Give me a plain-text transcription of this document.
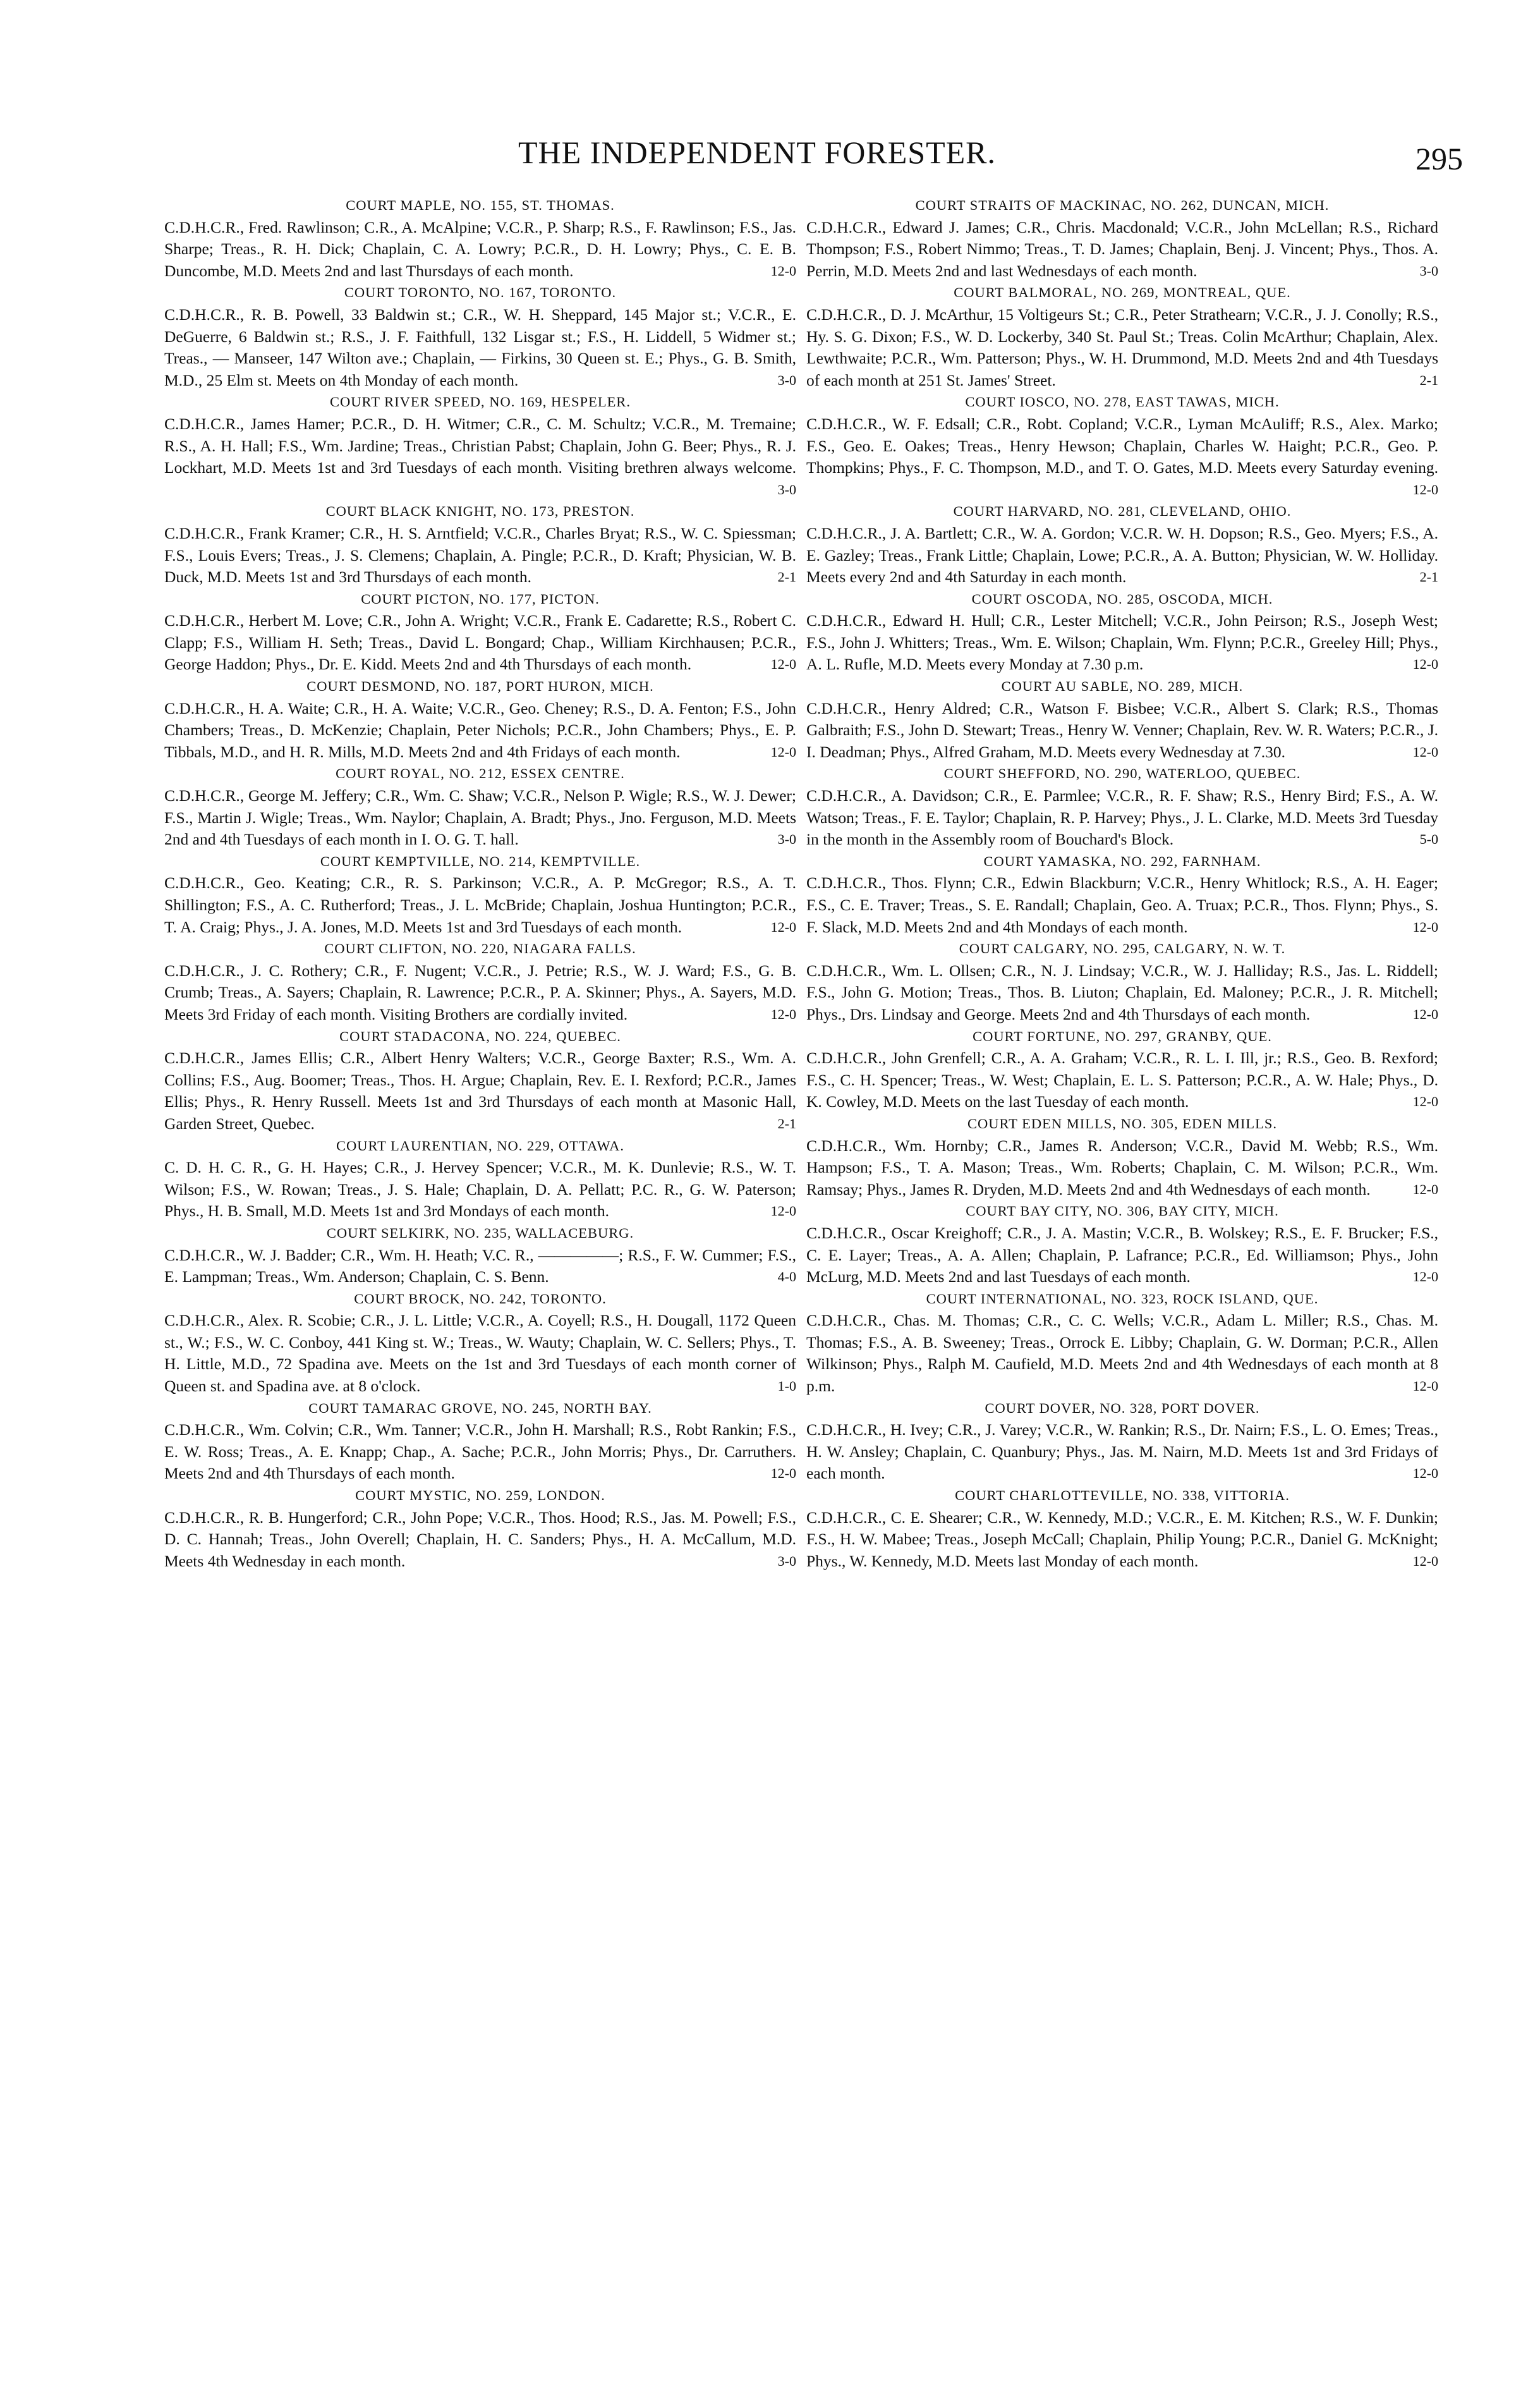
THE INDEPENDENT FORESTER.	295

COURT MAPLE, NO. 155, ST. THOMAS.
C.D.H.C.R., Fred. Rawlinson; C.R., A. McAlpine; V.C.R., P. Sharp; R.S., F. Rawlinson; F.S., Jas. Sharpe; Treas., R. H. Dick; Chaplain, C. A. Lowry; P.C.R., D. H. Lowry; Phys., C. E. B. Duncombe, M.D. Meets 2nd and last Thursdays of each month.	12-0

COURT TORONTO, NO. 167, TORONTO.
C.D.H.C.R., R. B. Powell, 33 Baldwin st.; C.R., W. H. Sheppard, 145 Major st.; V.C.R., E. DeGuerre, 6 Baldwin st.; R.S., J. F. Faithfull, 132 Lisgar st.; F.S., H. Liddell, 5 Widmer st.; Treas., — Manseer, 147 Wilton ave.; Chaplain, — Firkins, 30 Queen st. E.; Phys., G. B. Smith, M.D., 25 Elm st. Meets on 4th Monday of each month.	3-0

COURT RIVER SPEED, NO. 169, HESPELER.
C.D.H.C.R., James Hamer; P.C.R., D. H. Witmer; C.R., C. M. Schultz; V.C.R., M. Tremaine; R.S., A. H. Hall; F.S., Wm. Jardine; Treas., Christian Pabst; Chaplain, John G. Beer; Phys., R. J. Lockhart, M.D. Meets 1st and 3rd Tuesdays of each month. Visiting brethren always welcome.
3-0

COURT BLACK KNIGHT, NO. 173, PRESTON.
C.D.H.C.R., Frank Kramer; C.R., H. S. Arntfield; V.C.R., Charles Bryat; R.S., W. C. Spiessman; F.S., Louis Evers; Treas., J. S. Clemens; Chaplain, A. Pingle; P.C.R., D. Kraft; Physician, W. B. Duck, M.D. Meets 1st and 3rd Thursdays of each month.	2-1

COURT PICTON, NO. 177, PICTON.
C.D.H.C.R., Herbert M. Love; C.R., John A. Wright; V.C.R., Frank E. Cadarette; R.S., Robert C. Clapp; F.S., William H. Seth; Treas., David L. Bongard; Chap., William Kirchhausen; P.C.R., George Haddon; Phys., Dr. E. Kidd. Meets 2nd and 4th Thursdays of each month.	12-0

COURT DESMOND, NO. 187, PORT HURON, MICH.
C.D.H.C.R., H. A. Waite; C.R., H. A. Waite; V.C.R., Geo. Cheney; R.S., D. A. Fenton; F.S., John Chambers; Treas., D. McKenzie; Chaplain, Peter Nichols; P.C.R., John Chambers; Phys., E. P. Tibbals, M.D., and H. R. Mills, M.D. Meets 2nd and 4th Fridays of each month.	12-0

COURT ROYAL, NO. 212, ESSEX CENTRE.
C.D.H.C.R., George M. Jeffery; C.R., Wm. C. Shaw; V.C.R., Nelson P. Wigle; R.S., W. J. Dewer; F.S., Martin J. Wigle; Treas., Wm. Naylor; Chaplain, A. Bradt; Phys., Jno. Ferguson, M.D. Meets 2nd and 4th Tuesdays of each month in I. O. G. T. hall.	3-0

COURT KEMPTVILLE, NO. 214, KEMPTVILLE.
C.D.H.C.R., Geo. Keating; C.R., R. S. Parkinson; V.C.R., A. P. McGregor; R.S., A. T. Shillington; F.S., A. C. Rutherford; Treas., J. L. McBride; Chaplain, Joshua Huntington; P.C.R., T. A. Craig; Phys., J. A. Jones, M.D. Meets 1st and 3rd Tuesdays of each month.	12-0

COURT CLIFTON, NO. 220, NIAGARA FALLS.
C.D.H.C.R., J. C. Rothery; C.R., F. Nugent; V.C.R., J. Petrie; R.S., W. J. Ward; F.S., G. B. Crumb; Treas., A. Sayers; Chaplain, R. Lawrence; P.C.R., P. A. Skinner; Phys., A. Sayers, M.D. Meets 3rd Friday of each month. Visiting Brothers are cordially invited.	12-0

COURT STADACONA, NO. 224, QUEBEC.
C.D.H.C.R., James Ellis; C.R., Albert Henry Walters; V.C.R., George Baxter; R.S., Wm. A. Collins; F.S., Aug. Boomer; Treas., Thos. H. Argue; Chaplain, Rev. E. I. Rexford; P.C.R., James Ellis; Phys., R. Henry Russell. Meets 1st and 3rd Thursdays of each month at Masonic Hall, Garden Street, Quebec.	2-1

COURT LAURENTIAN, NO. 229, OTTAWA.
C. D. H. C. R., G. H. Hayes; C.R., J. Hervey Spencer; V.C.R., M. K. Dunlevie; R.S., W. T. Wilson; F.S., W. Rowan; Treas., J. S. Hale; Chaplain, D. A. Pellatt; P.C. R., G. W. Paterson; Phys., H. B. Small, M.D. Meets 1st and 3rd Mondays of each month.	12-0

COURT SELKIRK, NO. 235, WALLACEBURG.
C.D.H.C.R., W. J. Badder; C.R., Wm. H. Heath; V.C. R., —————; R.S., F. W. Cummer; F.S., E. Lampman; Treas., Wm. Anderson; Chaplain, C. S. Benn.	4-0

COURT BROCK, NO. 242, TORONTO.
C.D.H.C.R., Alex. R. Scobie; C.R., J. L. Little; V.C.R., A. Coyell; R.S., H. Dougall, 1172 Queen st., W.; F.S., W. C. Conboy, 441 King st. W.; Treas., W. Wauty; Chaplain, W. C. Sellers; Phys., T. H. Little, M.D., 72 Spadina ave. Meets on the 1st and 3rd Tuesdays of each month corner of Queen st. and Spadina ave. at 8 o'clock.	1-0

COURT TAMARAC GROVE, NO. 245, NORTH BAY.
C.D.H.C.R., Wm. Colvin; C.R., Wm. Tanner; V.C.R., John H. Marshall; R.S., Robt Rankin; F.S., E. W. Ross; Treas., A. E. Knapp; Chap., A. Sache; P.C.R., John Morris; Phys., Dr. Carruthers. Meets 2nd and 4th Thursdays of each month.	12-0

COURT MYSTIC, NO. 259, LONDON.
C.D.H.C.R., R. B. Hungerford; C.R., John Pope; V.C.R., Thos. Hood; R.S., Jas. M. Powell; F.S., D. C. Hannah; Treas., John Overell; Chaplain, H. C. Sanders; Phys., H. A. McCallum, M.D. Meets 4th Wednesday in each month.	3-0

COURT STRAITS OF MACKINAC, NO. 262, DUNCAN, MICH.
C.D.H.C.R., Edward J. James; C.R., Chris. Macdonald; V.C.R., John McLellan; R.S., Richard Thompson; F.S., Robert Nimmo; Treas., T. D. James; Chaplain, Benj. J. Vincent; Phys., Thos. A. Perrin, M.D. Meets 2nd and last Wednesdays of each month.	3-0

COURT BALMORAL, NO. 269, MONTREAL, QUE.
C.D.H.C.R., D. J. McArthur, 15 Voltigeurs St.; C.R., Peter Strathearn; V.C.R., J. J. Conolly; R.S., Hy. S. G. Dixon; F.S., W. D. Lockerby, 340 St. Paul St.; Treas. Colin McArthur; Chaplain, Alex. Lewthwaite; P.C.R., Wm. Patterson; Phys., W. H. Drummond, M.D. Meets 2nd and 4th Tuesdays of each month at 251 St. James' Street.	2-1

COURT IOSCO, NO. 278, EAST TAWAS, MICH.
C.D.H.C.R., W. F. Edsall; C.R., Robt. Copland; V.C.R., Lyman McAuliff; R.S., Alex. Marko; F.S., Geo. E. Oakes; Treas., Henry Hewson; Chaplain, Charles W. Haight; P.C.R., Geo. P. Thompkins; Phys., F. C. Thompson, M.D., and T. O. Gates, M.D. Meets every Saturday evening.
12-0

COURT HARVARD, NO. 281, CLEVELAND, OHIO.
C.D.H.C.R., J. A. Bartlett; C.R., W. A. Gordon; V.C.R. W. H. Dopson; R.S., Geo. Myers; F.S., A. E. Gazley; Treas., Frank Little; Chaplain, Lowe; P.C.R., A. A. Button; Physician, W. W. Holliday. Meets every 2nd and 4th Saturday in each month.	2-1

COURT OSCODA, NO. 285, OSCODA, MICH.
C.D.H.C.R., Edward H. Hull; C.R., Lester Mitchell; V.C.R., John Peirson; R.S., Joseph West; F.S., John J. Whitters; Treas., Wm. E. Wilson; Chaplain, Wm. Flynn; P.C.R., Greeley Hill; Phys., A. L. Rufle, M.D. Meets every Monday at 7.30 p.m.	12-0

COURT AU SABLE, NO. 289, MICH.
C.D.H.C.R., Henry Aldred; C.R., Watson F. Bisbee; V.C.R., Albert S. Clark; R.S., Thomas Galbraith; F.S., John D. Stewart; Treas., Henry W. Venner; Chaplain, Rev. W. R. Waters; P.C.R., J. I. Deadman; Phys., Alfred Graham, M.D. Meets every Wednesday at 7.30.	12-0

COURT SHEFFORD, NO. 290, WATERLOO, QUEBEC.
C.D.H.C.R., A. Davidson; C.R., E. Parmlee; V.C.R., R. F. Shaw; R.S., Henry Bird; F.S., A. W. Watson; Treas., F. E. Taylor; Chaplain, R. P. Harvey; Phys., J. L. Clarke, M.D. Meets 3rd Tuesday in the month in the Assembly room of Bouchard's Block.	5-0

COURT YAMASKA, NO. 292, FARNHAM.
C.D.H.C.R., Thos. Flynn; C.R., Edwin Blackburn; V.C.R., Henry Whitlock; R.S., A. H. Eager; F.S., C. E. Traver; Treas., S. E. Randall; Chaplain, Geo. A. Truax; P.C.R., Thos. Flynn; Phys., S. F. Slack, M.D. Meets 2nd and 4th Mondays of each month.	12-0

COURT CALGARY, NO. 295, CALGARY, N. W. T.
C.D.H.C.R., Wm. L. Ollsen; C.R., N. J. Lindsay; V.C.R., W. J. Halliday; R.S., Jas. L. Riddell; F.S., John G. Motion; Treas., Thos. B. Liuton; Chaplain, Ed. Maloney; P.C.R., J. R. Mitchell; Phys., Drs. Lindsay and George. Meets 2nd and 4th Thursdays of each month.	12-0

COURT FORTUNE, NO. 297, GRANBY, QUE.
C.D.H.C.R., John Grenfell; C.R., A. A. Graham; V.C.R., R. L. I. Ill, jr.; R.S., Geo. B. Rexford; F.S., C. H. Spencer; Treas., W. West; Chaplain, E. L. S. Patterson; P.C.R., A. W. Hale; Phys., D. K. Cowley, M.D. Meets on the last Tuesday of each month.	12-0

COURT EDEN MILLS, NO. 305, EDEN MILLS.
C.D.H.C.R., Wm. Hornby; C.R., James R. Anderson; V.C.R., David M. Webb; R.S., Wm. Hampson; F.S., T. A. Mason; Treas., Wm. Roberts; Chaplain, C. M. Wilson; P.C.R., Wm. Ramsay; Phys., James R. Dryden, M.D. Meets 2nd and 4th Wednesdays of each month.	12-0

COURT BAY CITY, NO. 306, BAY CITY, MICH.
C.D.H.C.R., Oscar Kreighoff; C.R., J. A. Mastin; V.C.R., B. Wolskey; R.S., E. F. Brucker; F.S., C. E. Layer; Treas., A. A. Allen; Chaplain, P. Lafrance; P.C.R., Ed. Williamson; Phys., John McLurg, M.D. Meets 2nd and last Tuesdays of each month.	12-0

COURT INTERNATIONAL, NO. 323, ROCK ISLAND, QUE.
C.D.H.C.R., Chas. M. Thomas; C.R., C. C. Wells; V.C.R., Adam L. Miller; R.S., Chas. M. Thomas; F.S., A. B. Sweeney; Treas., Orrock E. Libby; Chaplain, G. W. Dorman; P.C.R., Allen Wilkinson; Phys., Ralph M. Caufield, M.D. Meets 2nd and 4th Wednesdays of each month at 8 p.m.	12-0

COURT DOVER, NO. 328, PORT DOVER.
C.D.H.C.R., H. Ivey; C.R., J. Varey; V.C.R., W. Rankin; R.S., Dr. Nairn; F.S., L. O. Emes; Treas., H. W. Ansley; Chaplain, C. Quanbury; Phys., Jas. M. Nairn, M.D. Meets 1st and 3rd Fridays of each month.	12-0

COURT CHARLOTTEVILLE, NO. 338, VITTORIA.
C.D.H.C.R., C. E. Shearer; C.R., W. Kennedy, M.D.; V.C.R., E. M. Kitchen; R.S., W. F. Dunkin; F.S., H. W. Mabee; Treas., Joseph McCall; Chaplain, Philip Young; P.C.R., Daniel G. McKnight; Phys., W. Kennedy, M.D. Meets last Monday of each month.	12-0
